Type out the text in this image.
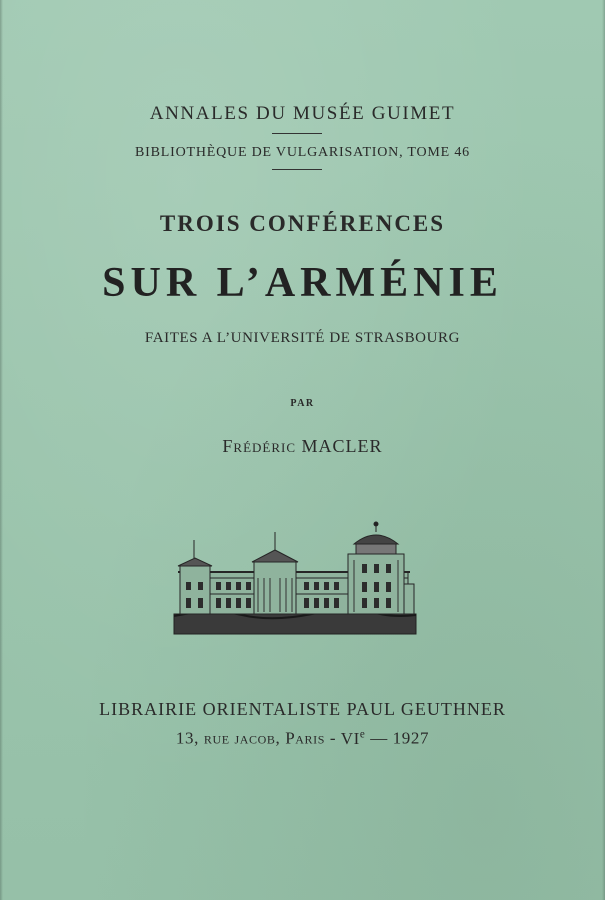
ANNALES DU MUSÉE GUIMET
BIBLIOTHÈQUE DE VULGARISATION, TOME 46
TROIS CONFÉRENCES
SUR L’ARMÉNIE
FAITES A L’UNIVERSITÉ DE STRASBOURG
PAR
Frédéric MACLER
LIBRAIRIE ORIENTALISTE PAUL GEUTHNER
13, rue jacob, Paris - VIe — 1927
